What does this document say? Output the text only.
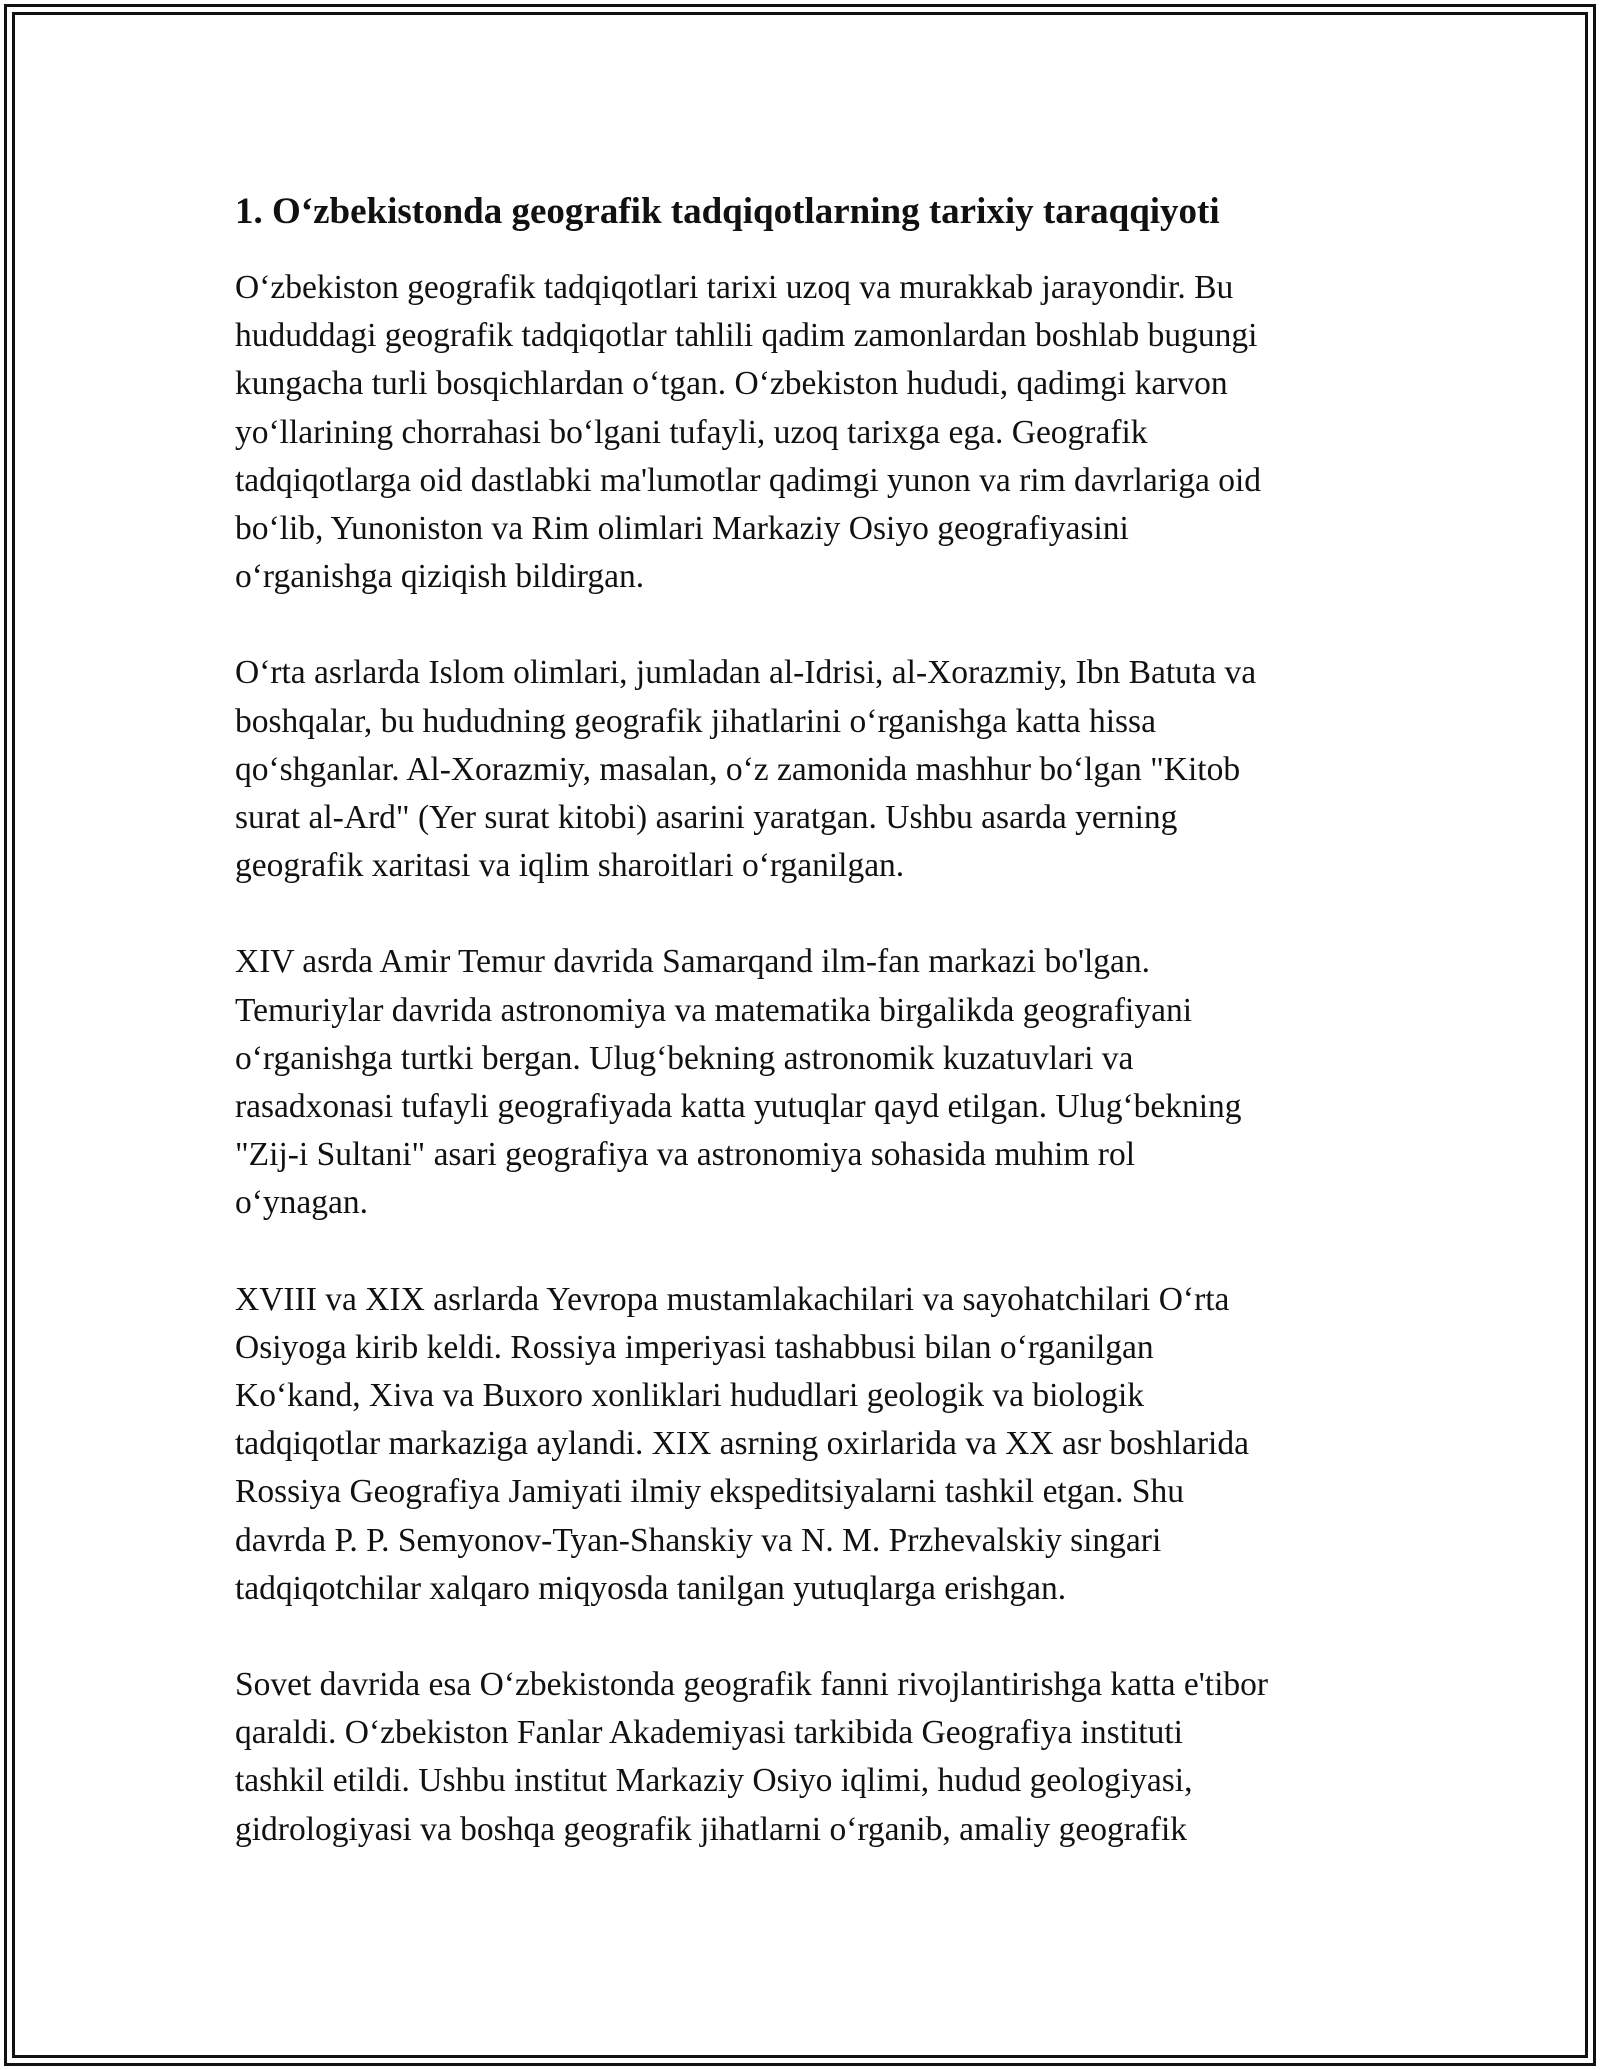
1. O‘zbekistonda geografik tadqiqotlarning tarixiy taraqqiyoti

O‘zbekiston geografik tadqiqotlari tarixi uzoq va murakkab jarayondir. Bu
hududdagi geografik tadqiqotlar tahlili qadim zamonlardan boshlab bugungi
kungacha turli bosqichlardan o‘tgan. O‘zbekiston hududi, qadimgi karvon
yo‘llarining chorrahasi bo‘lgani tufayli, uzoq tarixga ega. Geografik
tadqiqotlarga oid dastlabki ma'lumotlar qadimgi yunon va rim davrlariga oid
bo‘lib, Yunoniston va Rim olimlari Markaziy Osiyo geografiyasini
o‘rganishga qiziqish bildirgan.

O‘rta asrlarda Islom olimlari, jumladan al-Idrisi, al-Xorazmiy, Ibn Batuta va
boshqalar, bu hududning geografik jihatlarini o‘rganishga katta hissa
qo‘shganlar. Al-Xorazmiy, masalan, o‘z zamonida mashhur bo‘lgan "Kitob
surat al-Ard" (Yer surat kitobi) asarini yaratgan. Ushbu asarda yerning
geografik xaritasi va iqlim sharoitlari o‘rganilgan.

XIV asrda Amir Temur davrida Samarqand ilm-fan markazi bo'lgan.
Temuriylar davrida astronomiya va matematika birgalikda geografiyani
o‘rganishga turtki bergan. Ulug‘bekning astronomik kuzatuvlari va
rasadxonasi tufayli geografiyada katta yutuqlar qayd etilgan. Ulug‘bekning
"Zij-i Sultani" asari geografiya va astronomiya sohasida muhim rol
o‘ynagan.

XVIII va XIX asrlarda Yevropa mustamlakachilari va sayohatchilari O‘rta
Osiyoga kirib keldi. Rossiya imperiyasi tashabbusi bilan o‘rganilgan
Ko‘kand, Xiva va Buxoro xonliklari hududlari geologik va biologik
tadqiqotlar markaziga aylandi. XIX asrning oxirlarida va XX asr boshlarida
Rossiya Geografiya Jamiyati ilmiy ekspeditsiyalarni tashkil etgan. Shu
davrda P. P. Semyonov-Tyan-Shanskiy va N. M. Przhevalskiy singari
tadqiqotchilar xalqaro miqyosda tanilgan yutuqlarga erishgan.

Sovet davrida esa O‘zbekistonda geografik fanni rivojlantirishga katta e'tibor
qaraldi. O‘zbekiston Fanlar Akademiyasi tarkibida Geografiya instituti
tashkil etildi. Ushbu institut Markaziy Osiyo iqlimi, hudud geologiyasi,
gidrologiyasi va boshqa geografik jihatlarni o‘rganib, amaliy geografik
